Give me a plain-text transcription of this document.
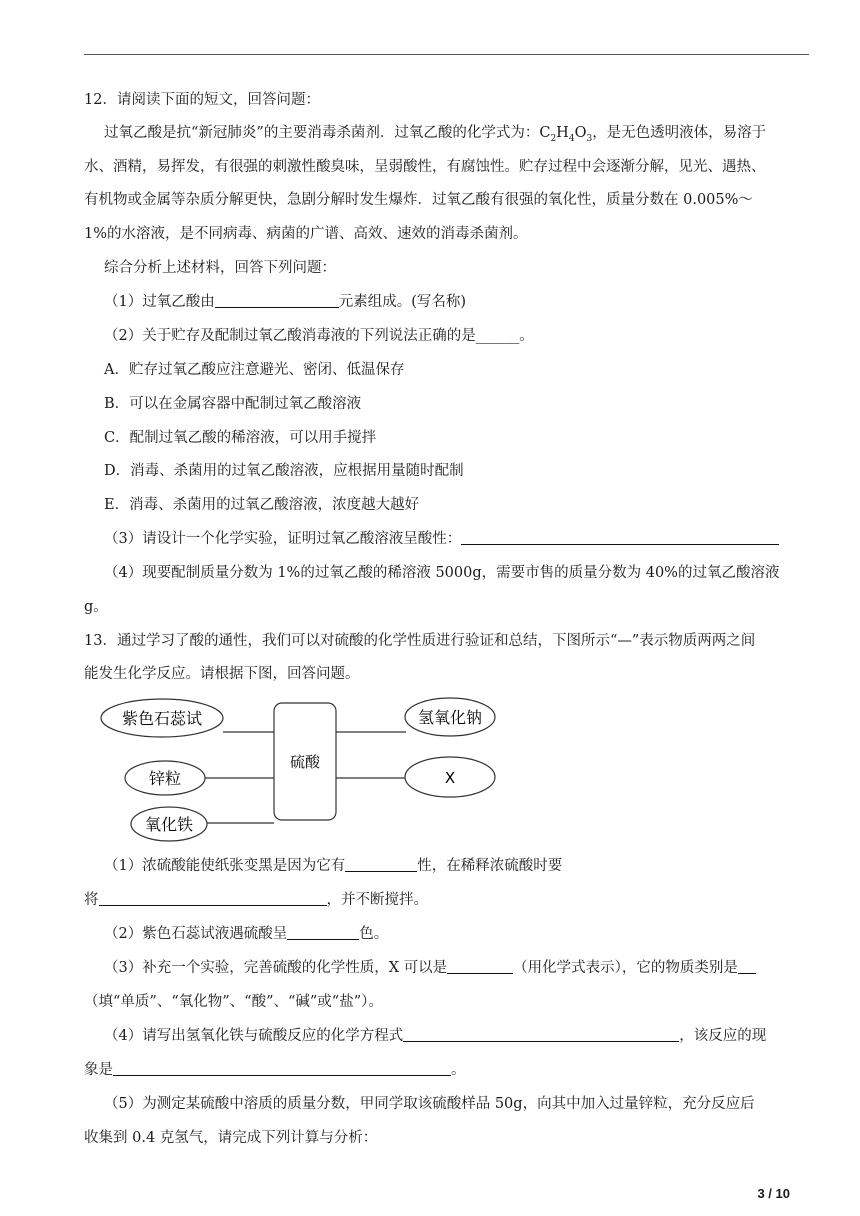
12．请阅读下面的短文，回答问题：
过氧乙酸是抗“新冠肺炎”的主要消毒杀菌剂．过氧乙酸的化学式为：$C_2H_4O_3$，是无色透明液体，易溶于
水、酒精，易挥发，有很强的刺激性酸臭味，呈弱酸性，有腐蚀性。贮存过程中会逐渐分解，见光、遇热、
有机物或金属等杂质分解更快，急剧分解时发生爆炸．过氧乙酸有很强的氧化性，质量分数在 0.005%～
1%的水溶液，是不同病毒、病菌的广谱、高效、速效的消毒杀菌剂。
综合分析上述材料，回答下列问题：
（1）过氧乙酸由	元素组成。(写名称)
（2）关于贮存及配制过氧乙酸消毒液的下列说法正确的是______。
A．贮存过氧乙酸应注意避光、密闭、低温保存
B．可以在金属容器中配制过氧乙酸溶液
C．配制过氧乙酸的稀溶液，可以用手搅拌
D．消毒、杀菌用的过氧乙酸溶液，应根据用量随时配制
E．消毒、杀菌用的过氧乙酸溶液，浓度越大越好
（3）请设计一个化学实验，证明过氧乙酸溶液呈酸性：
（4）现要配制质量分数为 1%的过氧乙酸的稀溶液 5000g，需要市售的质量分数为 40%的过氧乙酸溶液
g。
13．通过学习了酸的通性，我们可以对硫酸的化学性质进行验证和总结，下图所示“—”表示物质两两之间
能发生化学反应。请根据下图，回答问题。
硫酸
紫色石蕊试
锌粒
氧化铁
氢氧化钠
X
（1）浓硫酸能使纸张变黑是因为它有	性，在稀释浓硫酸时要
将	，并不断搅拌。
（2）紫色石蕊试液遇硫酸呈	色。
（3）补充一个实验，完善硫酸的化学性质，X 可以是	（用化学式表示），它的物质类别是
（填“单质”、“氧化物”、“酸”、“碱”或“盐”）。
（4）请写出氢氧化铁与硫酸反应的化学方程式	，该反应的现
象是	。
（5）为测定某硫酸中溶质的质量分数，甲同学取该硫酸样品 50g，向其中加入过量锌粒，充分反应后
收集到 0.4 克氢气，请完成下列计算与分析：
3 / 10
